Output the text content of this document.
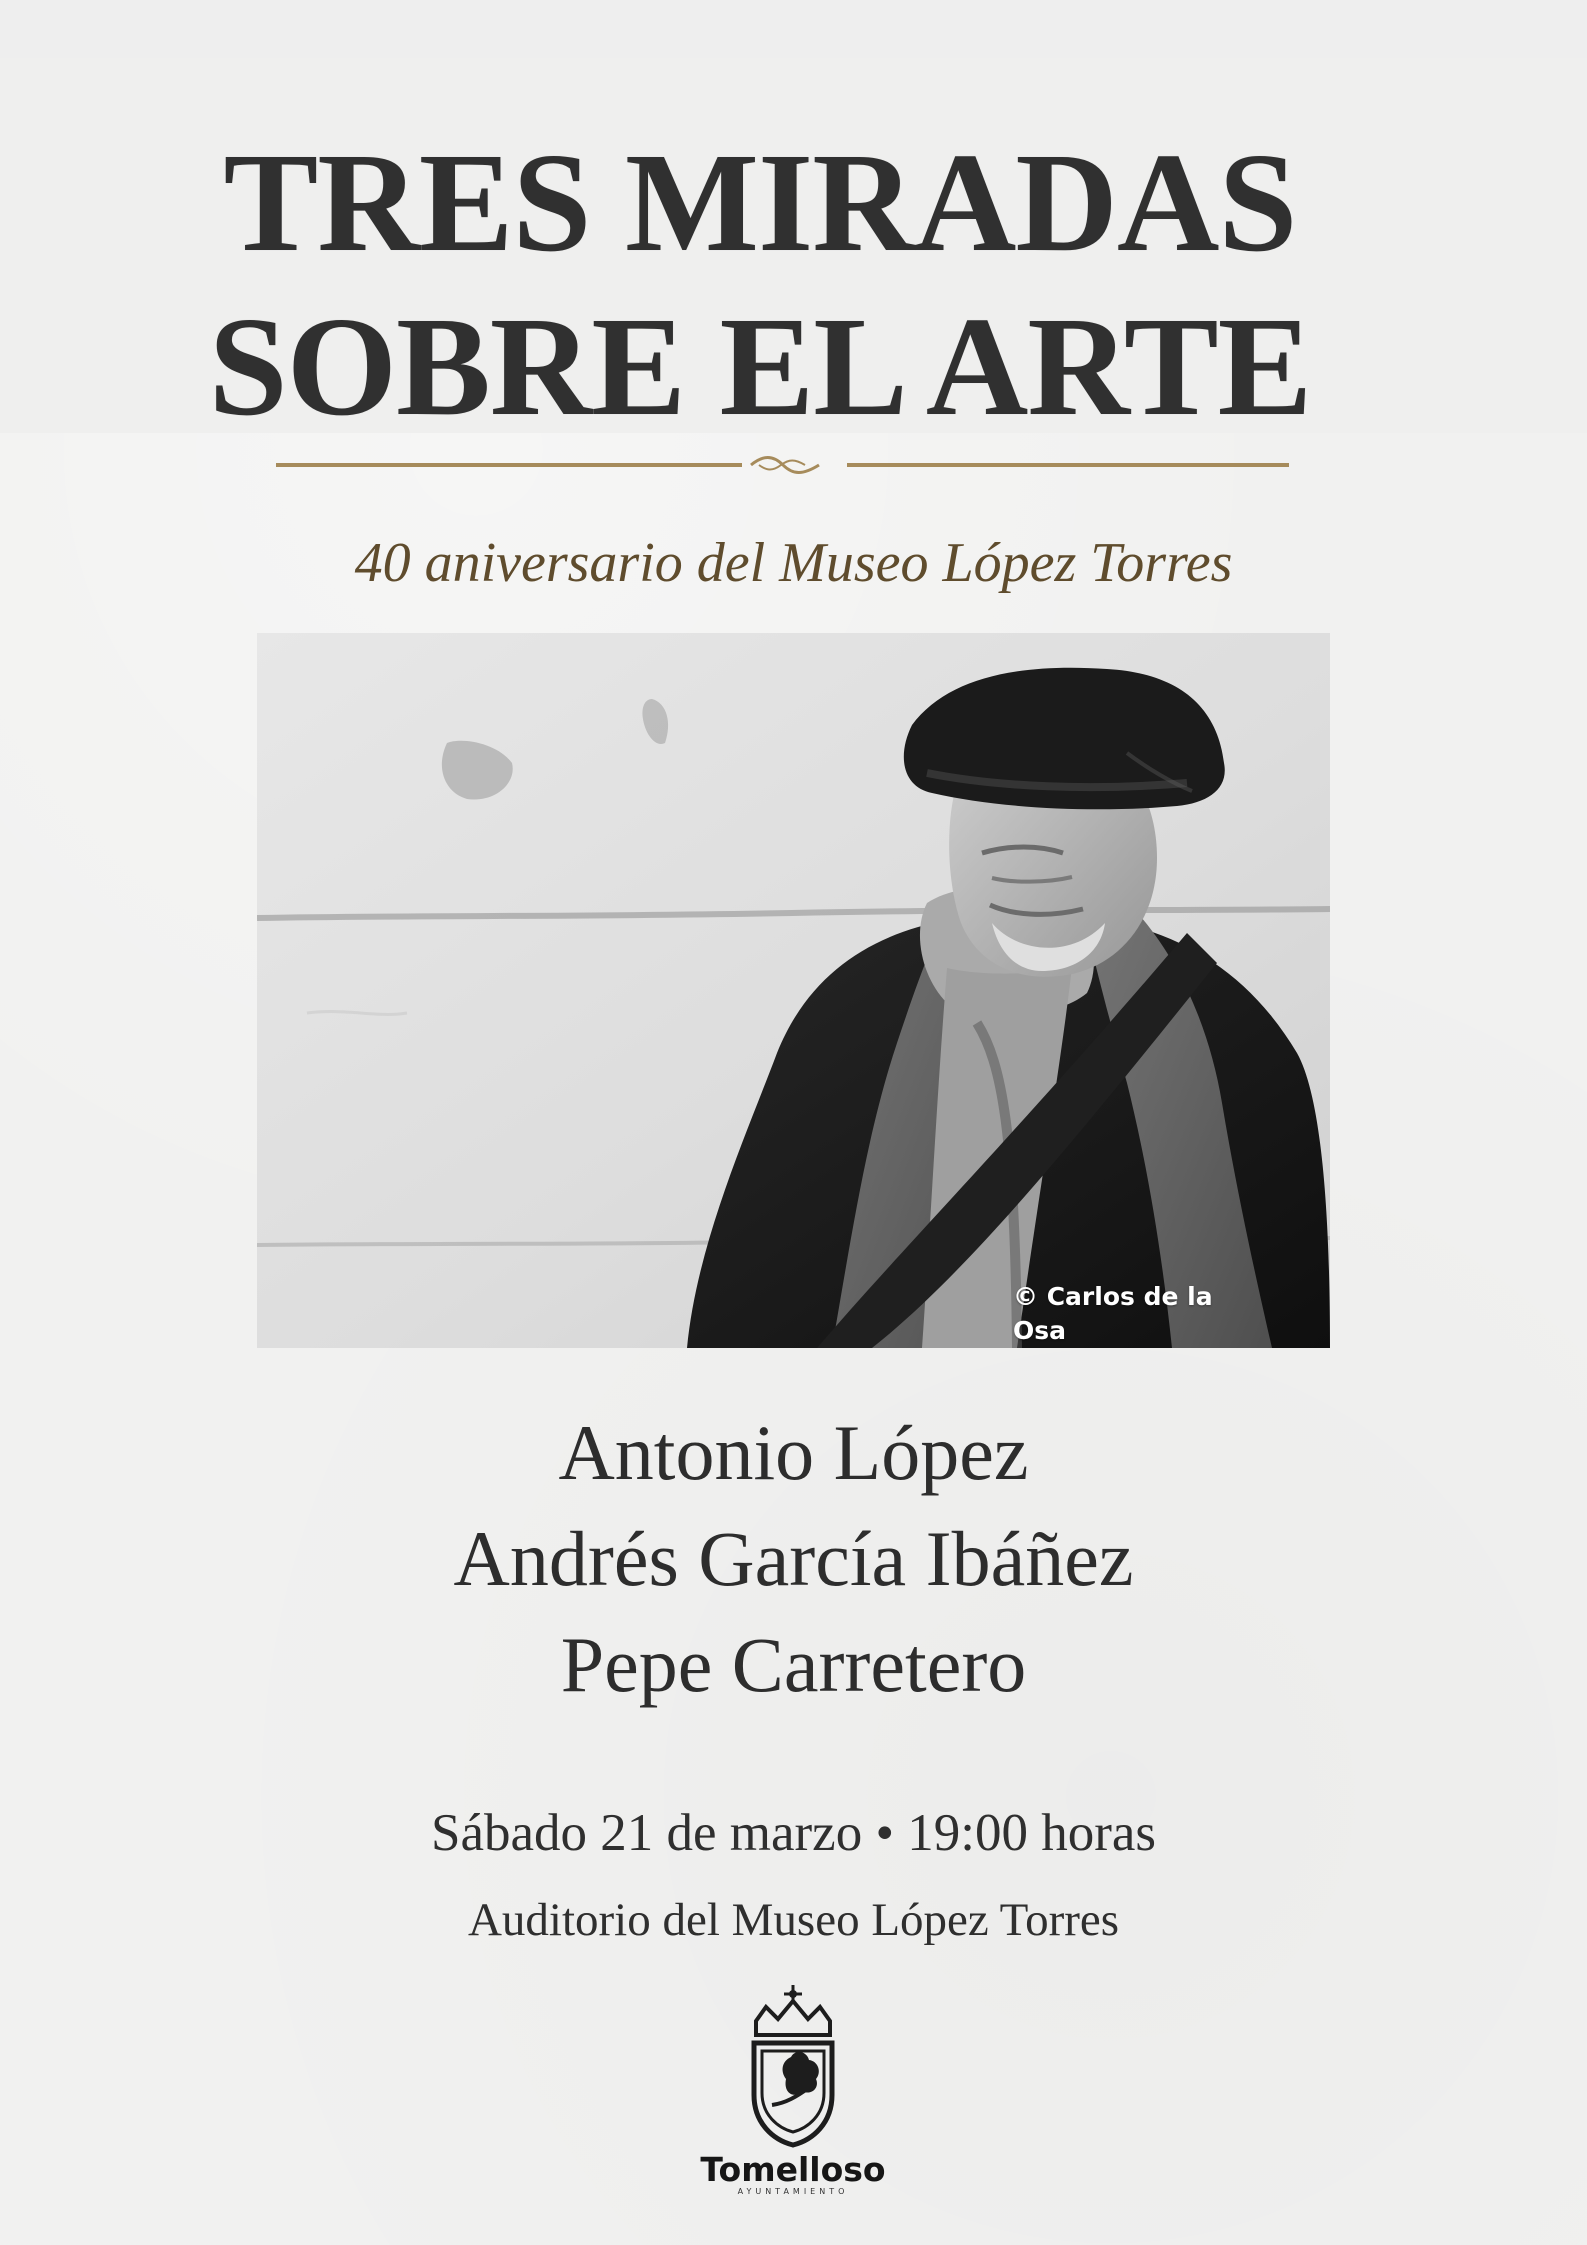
TRES MIRADAS
SOBRE EL ARTE
40 aniversario del Museo López Torres
© Carlos de la Osa
Antonio López
Andrés García Ibáñez
Pepe Carretero
Sábado 21 de marzo • 19:00 horas
Auditorio del Museo López Torres
Tomelloso
AYUNTAMIENTO
